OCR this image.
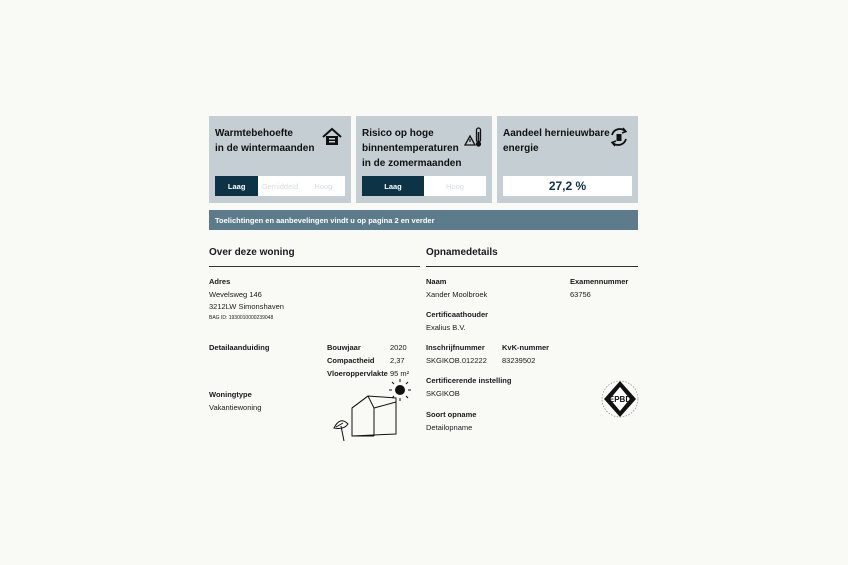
Warmtebehoefte
in de wintermaanden
Laag	Gemiddeld	Hoog
Risico op hoge
binnentemperaturen
in de zomermaanden
Laag	Hoog
Aandeel hernieuwbare
energie
27,2 %
Toelichtingen en aanbevelingen vindt u op pagina 2 en verder
Over deze woning
Adres
Wevelsweg 146
3212LW Simonshaven
BAG ID: 1930010000239048
Detailaanduiding	Bouwjaar	2020
Compactheid 2,37
Vloeroppervlakte 95 m²
Woningtype
Vakantiewoning
Opnamedetails
Naam
Xander Moolbroek
Examennummer
63756
Certificaathouder
Exalius B.V.
Inschrijfnummer
SKGIKOB.012222
KvK-nummer
83239502
Certificerende instelling
SKGIKOB
Soort opname
Detailopname
EPBD
